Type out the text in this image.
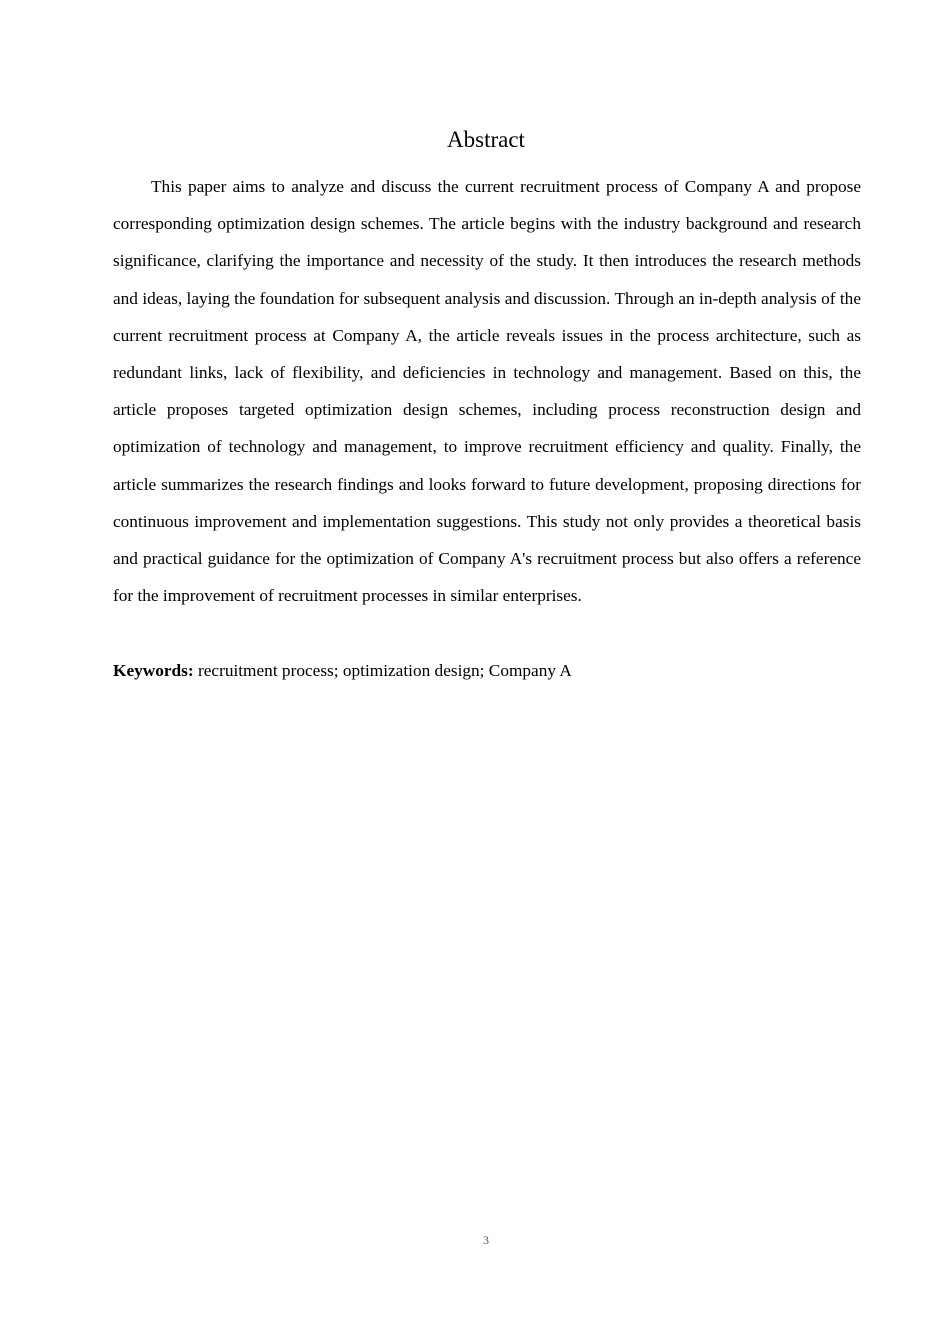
Abstract

This paper aims to analyze and discuss the current recruitment process of Company A and propose corresponding optimization design schemes. The article begins with the industry background and research significance, clarifying the importance and necessity of the study. It then introduces the research methods and ideas, laying the foundation for subsequent analysis and discussion. Through an in-depth analysis of the current recruitment process at Company A, the article reveals issues in the process architecture, such as redundant links, lack of flexibility, and deficiencies in technology and management. Based on this, the article proposes targeted optimization design schemes, including process reconstruction design and optimization of technology and management, to improve recruitment efficiency and quality. Finally, the article summarizes the research findings and looks forward to future development, proposing directions for continuous improvement and implementation suggestions. This study not only provides a theoretical basis and practical guidance for the optimization of Company A's recruitment process but also offers a reference for the improvement of recruitment processes in similar enterprises.

Keywords: recruitment process; optimization design; Company A

3
